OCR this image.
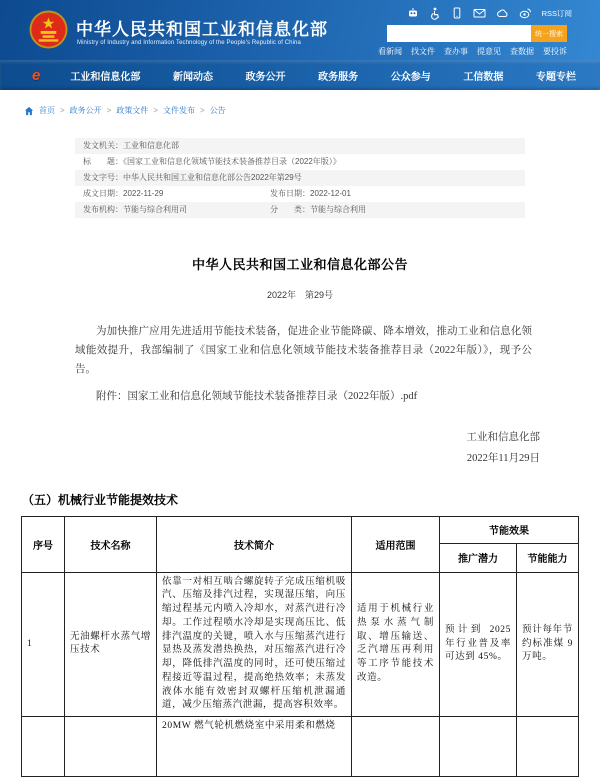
中华人民共和国工业和信息化部
Ministry of Industry and Information Technology of the People's Republic of China
RSS订阅
统一搜索
看新闻 找文件 查办事 提意见 查数据 要投诉
e	工业和信息化部	新闻动态	政务公开	政务服务	公众参与	工信数据	专题专栏
首页 > 政务公开 > 政策文件 > 文件发布 > 公告
发文机关：工业和信息化部
标　　题：《国家工业和信息化领域节能技术装备推荐目录（2022年版）》
发文字号：中华人民共和国工业和信息化部公告2022年第29号
成文日期：2022-11-29	发布日期：2022-12-01
发布机构：节能与综合利用司	分　　类：节能与综合利用
中华人民共和国工业和信息化部公告
2022年　第29号
为加快推广应用先进适用节能技术装备，促进企业节能降碳、降本增效，推动工业和信息化领域能效提升，我部编制了《国家工业和信息化领域节能技术装备推荐目录（2022年版）》，现予公告。
附件：国家工业和信息化领域节能技术装备推荐目录（2022年版）.pdf
工业和信息化部
2022年11月29日
（五）机械行业节能提效技术
序号	技术名称	技术简介	适用范围	节能效果	
				推广潜力	节能能力
1	无油螺杆水蒸气增压技术	依靠一对相互啮合螺旋转子完成压缩机吸汽、压缩及排汽过程，实现湿压缩，向压缩过程基元内喷入冷却水，对蒸汽进行冷却。工作过程喷水冷却是实现高压比、低排汽温度的关键，喷入水与压缩蒸汽进行显热及蒸发潜热换热，对压缩蒸汽进行冷却，降低排汽温度的同时，还可使压缩过程接近等温过程，提高绝热效率；未蒸发液体水能有效密封双螺杆压缩机泄漏通道，减少压缩蒸汽泄漏，提高容积效率。	适用于机械行业热泵水蒸气制取、增压输送、乏汽增压再利用等工序节能技术改造。	预计到 2025 年行业普及率可达到 45%。	预计每年节约标准煤 9 万吨。
		20MW 燃气轮机燃烧室中采用柔和燃烧			
